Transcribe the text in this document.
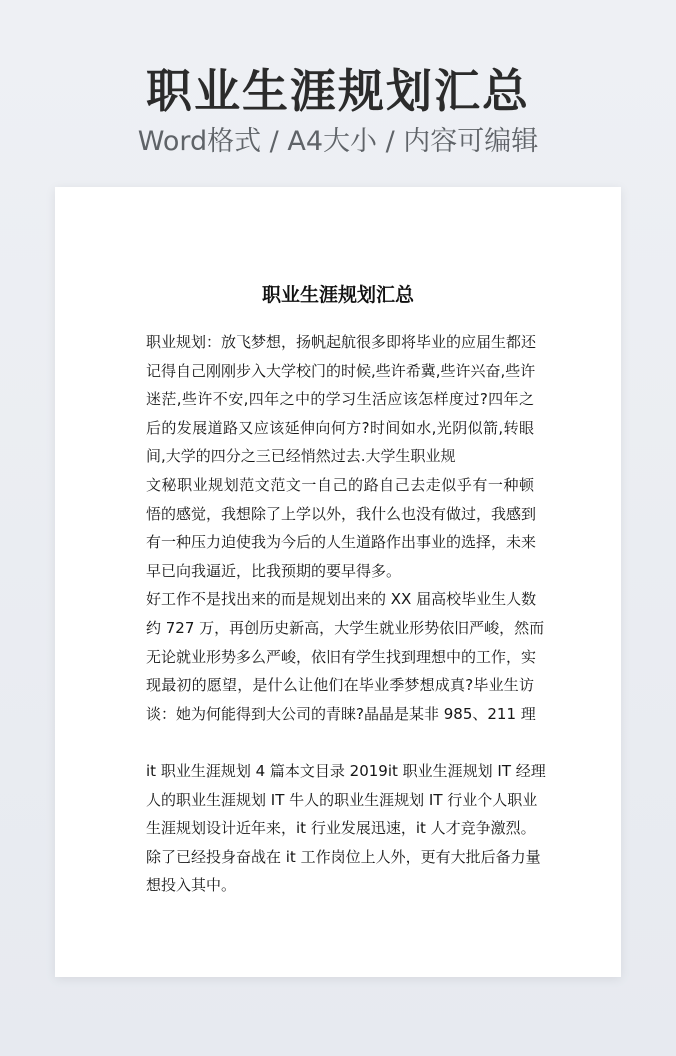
职业生涯规划汇总
Word格式 / A4大小 / 内容可编辑
职业生涯规划汇总
职业规划：放飞梦想，扬帆起航很多即将毕业的应届生都还
记得自己刚刚步入大学校门的时候,些许希冀,些许兴奋,些许
迷茫,些许不安,四年之中的学习生活应该怎样度过?四年之
后的发展道路又应该延伸向何方?时间如水,光阴似箭,转眼
间,大学的四分之三已经悄然过去.大学生职业规
文秘职业规划范文范文一自己的路自己去走似乎有一种顿
悟的感觉，我想除了上学以外，我什么也没有做过，我感到
有一种压力迫使我为今后的人生道路作出事业的选择，未来
早已向我逼近，比我预期的要早得多。
好工作不是找出来的而是规划出来的 XX 届高校毕业生人数
约 727 万，再创历史新高，大学生就业形势依旧严峻，然而
无论就业形势多么严峻，依旧有学生找到理想中的工作，实
现最初的愿望，是什么让他们在毕业季梦想成真?毕业生访
谈：她为何能得到大公司的青睐?晶晶是某非 985、211 理
it 职业生涯规划 4 篇本文目录 2019it 职业生涯规划 IT 经理
人的职业生涯规划 IT 牛人的职业生涯规划 IT 行业个人职业
生涯规划设计近年来，it 行业发展迅速，it 人才竞争激烈。
除了已经投身奋战在 it 工作岗位上人外，更有大批后备力量
想投入其中。
